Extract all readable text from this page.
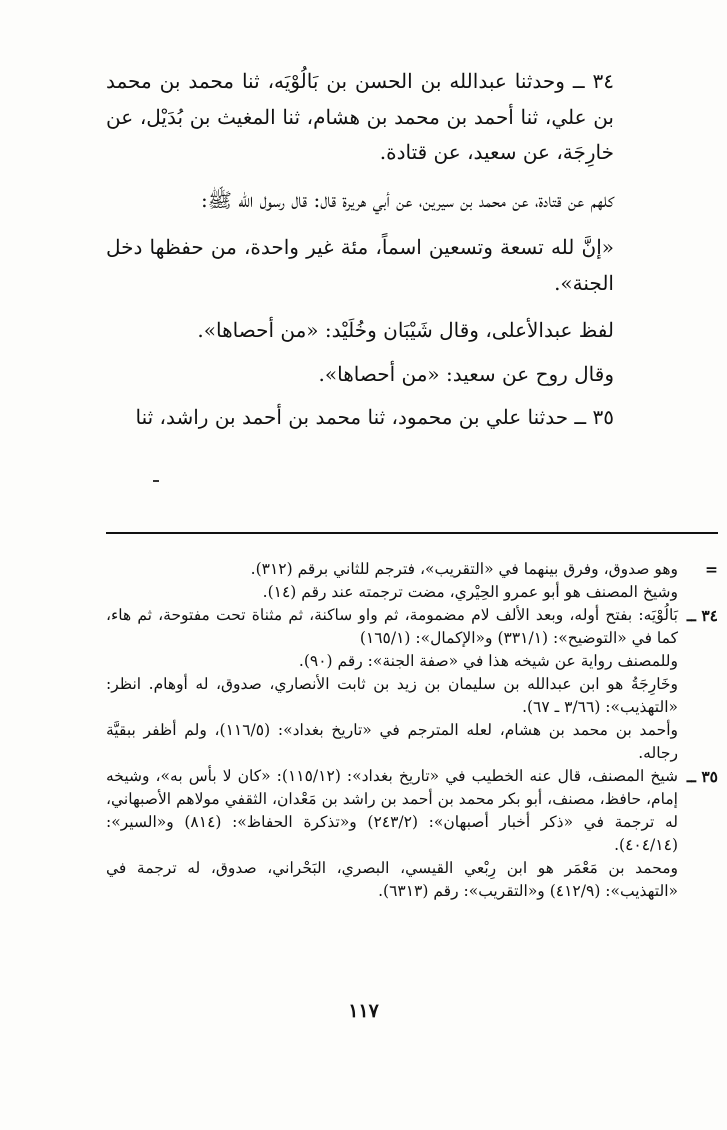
٣٤ ــ وحدثنا عبدالله بن الحسن بن بَالُوْيَه، ثنا محمد بن محمد بن علي، ثنا أحمد بن محمد بن هشام، ثنا المغيث بن بُدَيْل، عن خارِجَة، عن سعيد، عن قتادة.

كلهم عن قتادة، عن محمد بن سيرين، عن أبي هريرة قال: قال رسول الله ﷺ:

«إنَّ لله تسعة وتسعين اسماً، مئة غير واحدة، من حفظها دخل الجنة».

لفظ عبدالأعلى، وقال شَيْبَان وخُلَيْد: «من أحصاها».

وقال روح عن سعيد: «من أحصاها».

٣٥ ــ حدثنا علي بن محمود، ثنا محمد بن أحمد بن راشد، ثنا

=
وهو صدوق، وفرق بينهما في «التقريب»، فترجم للثاني برقم (٣١٢).
وشيخ المصنف هو أبو عمرو الحِيْري، مضت ترجمته عند رقم (١٤).
٣٤ ــ
بَالُوْيَه: بفتح أوله، وبعد الألف لام مضمومة، ثم واو ساكنة، ثم مثناة تحت مفتوحة، ثم هاء، كما في «التوضيح»: (٣٣١/١) و«الإكمال»: (١٦٥/١)
وللمصنف رواية عن شيخه هذا في «صفة الجنة»: رقم (٩٠).
وخَارِجَةُ هو ابن عبدالله بن سليمان بن زيد بن ثابت الأنصاري، صدوق، له أوهام. انظر: «التهذيب»: (٣/٦٦ ـ ٦٧).
وأحمد بن محمد بن هشام، لعله المترجم في «تاريخ بغداد»: (١١٦/٥)، ولم أظفر ببقيَّة رجاله.
٣٥ ــ
شيخ المصنف، قال عنه الخطيب في «تاريخ بغداد»: (١١٥/١٢): «كان لا بأس به»، وشيخه إمام، حافظ، مصنف، أبو بكر محمد بن أحمد بن راشد بن مَعْدان، الثقفي مولاهم الأصبهاني، له ترجمة في «ذكر أخبار أصبهان»: (٢٤٣/٢) و«تذكرة الحفاظ»: (٨١٤) و«السير»: (٤٠٤/١٤).
ومحمد بن مَعْمَر هو ابن رِبْعي القيسي، البصري، البَحْراني، صدوق، له ترجمة في «التهذيب»: (٤١٢/٩) و«التقريب»: رقم (٦٣١٣).
١١٧
